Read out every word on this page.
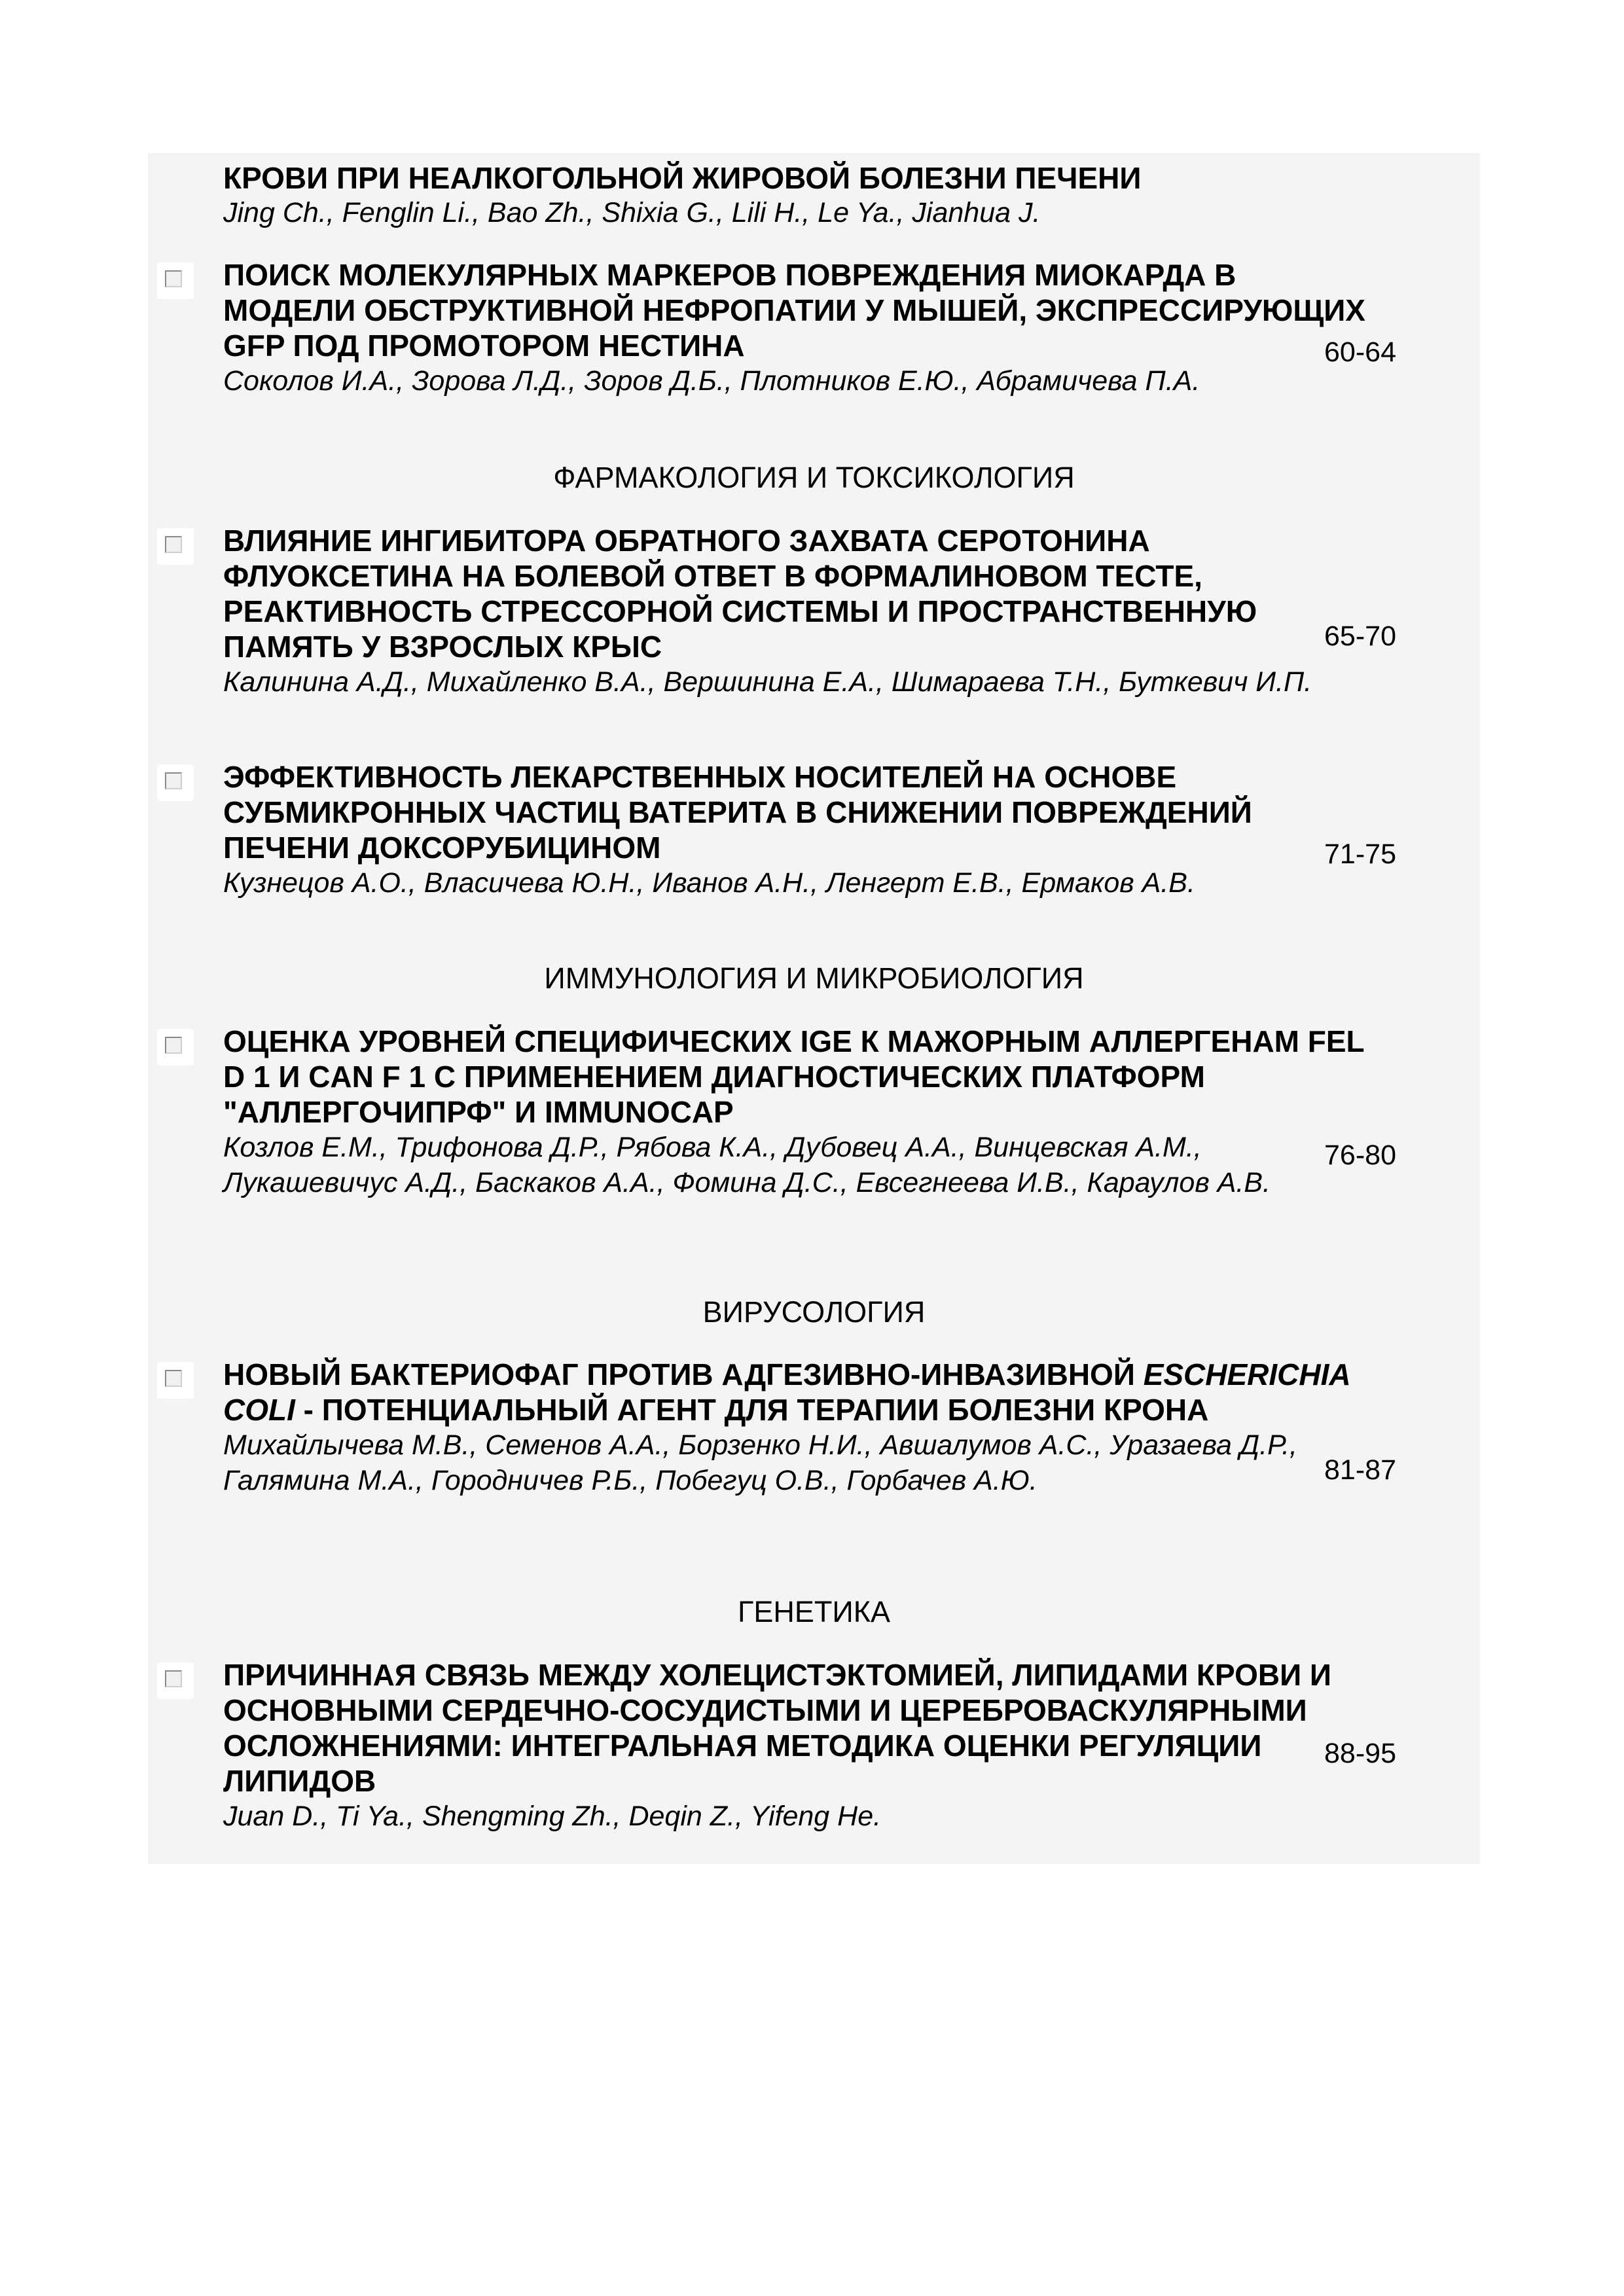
КРОВИ ПРИ НЕАЛКОГОЛЬНОЙ ЖИРОВОЙ БОЛЕЗНИ ПЕЧЕНИ
Jing Ch., Fenglin Li., Bao Zh., Shixia G., Lili H., Le Ya., Jianhua J.

ПОИСК МОЛЕКУЛЯРНЫХ МАРКЕРОВ ПОВРЕЖДЕНИЯ МИОКАРДА В МОДЕЛИ ОБСТРУКТИВНОЙ НЕФРОПАТИИ У МЫШЕЙ, ЭКСПРЕССИРУЮЩИХ GFP ПОД ПРОМОТОРОМ НЕСТИНА

Соколов И.А., Зорова Л.Д., Зоров Д.Б., Плотников Е.Ю., Абрамичева П.А.

60-64
ФАРМАКОЛОГИЯ И ТОКСИКОЛОГИЯ

ВЛИЯНИЕ ИНГИБИТОРА ОБРАТНОГО ЗАХВАТА СЕРОТОНИНА ФЛУОКСЕТИНА НА БОЛЕВОЙ ОТВЕТ В ФОРМАЛИНОВОМ ТЕСТЕ, РЕАКТИВНОСТЬ СТРЕССОРНОЙ СИСТЕМЫ И ПРОСТРАНСТВЕННУЮ ПАМЯТЬ У ВЗРОСЛЫХ КРЫС

Калинина А.Д., Михайленко В.А., Вершинина Е.А., Шимараева Т.Н., Буткевич И.П.

65-70

ЭФФЕКТИВНОСТЬ ЛЕКАРСТВЕННЫХ НОСИТЕЛЕЙ НА ОСНОВЕ СУБМИКРОННЫХ ЧАСТИЦ ВАТЕРИТА В СНИЖЕНИИ ПОВРЕЖДЕНИЙ ПЕЧЕНИ ДОКСОРУБИЦИНОМ

Кузнецов А.О., Власичева Ю.Н., Иванов А.Н., Ленгерт Е.В., Ермаков А.В.

71-75
ИММУНОЛОГИЯ И МИКРОБИОЛОГИЯ

ОЦЕНКА УРОВНЕЙ СПЕЦИФИЧЕСКИХ IGE К МАЖОРНЫМ АЛЛЕРГЕНАМ FEL D 1 И CAN F 1 С ПРИМЕНЕНИЕМ ДИАГНОСТИЧЕСКИХ ПЛАТФОРМ "АЛЛЕРГОЧИПРФ" И IMMUNOCAP

Козлов Е.М., Трифонова Д.Р., Рябова К.А., Дубовец А.А., Винцевская А.М., Лукашевичус А.Д., Баскаков А.А., Фомина Д.С., Евсегнеева И.В., Караулов А.В.

76-80
ВИРУСОЛОГИЯ

НОВЫЙ БАКТЕРИОФАГ ПРОТИВ АДГЕЗИВНО-ИНВАЗИВНОЙ ESCHERICHIA COLI - ПОТЕНЦИАЛЬНЫЙ АГЕНТ ДЛЯ ТЕРАПИИ БОЛЕЗНИ КРОНА

Михайлычева М.В., Семенов А.А., Борзенко Н.И., Авшалумов А.С., Уразаева Д.Р., Галямина М.А., Городничев Р.Б., Побегуц О.В., Горбачев А.Ю.	81-87
ГЕНЕТИКА

ПРИЧИННАЯ СВЯЗЬ МЕЖДУ ХОЛЕЦИСТЭКТОМИЕЙ, ЛИПИДАМИ КРОВИ И ОСНОВНЫМИ СЕРДЕЧНО-СОСУДИСТЫМИ И ЦЕРЕБРОВАСКУЛЯРНЫМИ ОСЛОЖНЕНИЯМИ: ИНТЕГРАЛЬНАЯ МЕТОДИКА ОЦЕНКИ РЕГУЛЯЦИИ ЛИПИДОВ

Juan D., Ti Ya., Shengming Zh., Deqin Z., Yifeng He.

88-95
